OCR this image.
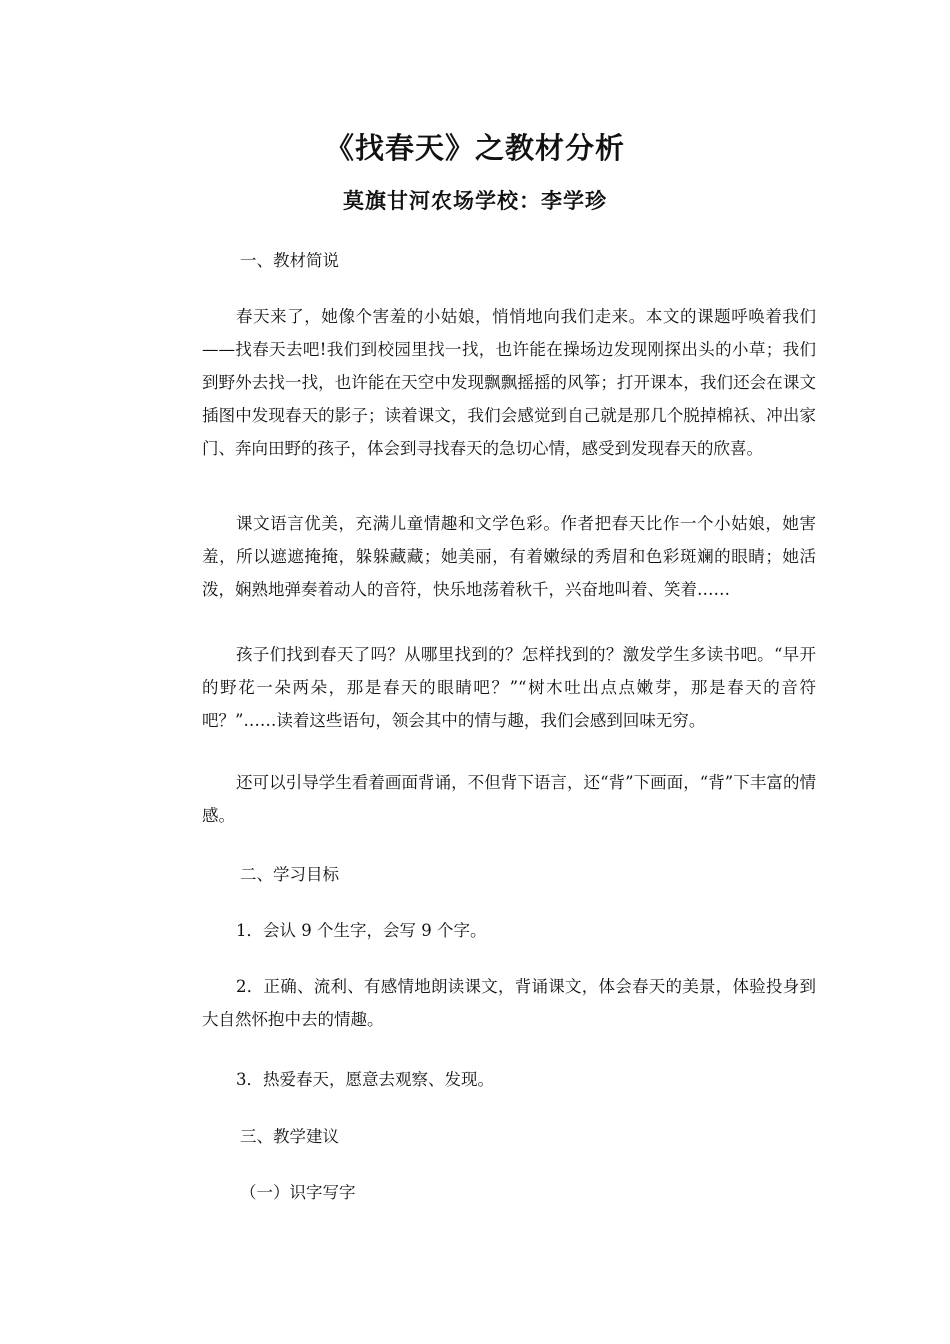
《找春天》之教材分析
莫旗甘河农场学校：李学珍
一、教材简说
春天来了，她像个害羞的小姑娘，悄悄地向我们走来。本文的课题呼唤着我们——找春天去吧!我们到校园里找一找，也许能在操场边发现刚探出头的小草；我们到野外去找一找，也许能在天空中发现飘飘摇摇的风筝；打开课本，我们还会在课文插图中发现春天的影子；读着课文，我们会感觉到自己就是那几个脱掉棉袄、冲出家门、奔向田野的孩子，体会到寻找春天的急切心情，感受到发现春天的欣喜。
课文语言优美，充满儿童情趣和文学色彩。作者把春天比作一个小姑娘，她害羞，所以遮遮掩掩，躲躲藏藏；她美丽，有着嫩绿的秀眉和色彩斑斓的眼睛；她活泼，娴熟地弹奏着动人的音符，快乐地荡着秋千，兴奋地叫着、笑着……
孩子们找到春天了吗？从哪里找到的？怎样找到的？激发学生多读书吧。“早开的野花一朵两朵，那是春天的眼睛吧？”“树木吐出点点嫩芽，那是春天的音符吧？”……读着这些语句，领会其中的情与趣，我们会感到回味无穷。
还可以引导学生看着画面背诵，不但背下语言，还“背”下画面，“背”下丰富的情感。
二、学习目标
1．会认 9 个生字，会写 9 个字。
2．正确、流利、有感情地朗读课文，背诵课文，体会春天的美景，体验投身到大自然怀抱中去的情趣。
3．热爱春天，愿意去观察、发现。
三、教学建议
（一）识字写字
